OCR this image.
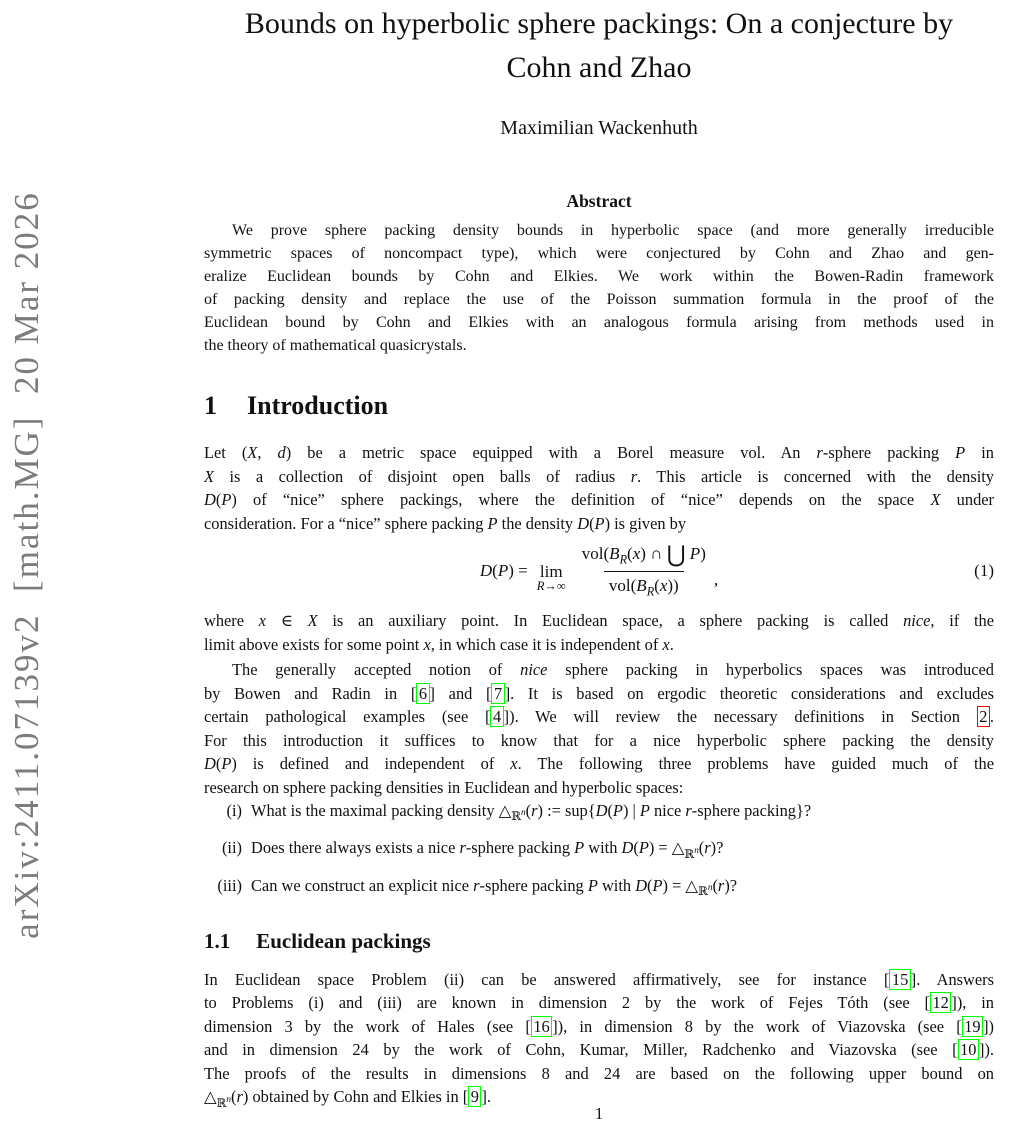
arXiv:2411.07139v2  [math.MG]  20 Mar 2026
Bounds on hyperbolic sphere packings: On a conjecture by
Cohn and Zhao
Maximilian Wackenhuth
Abstract
We prove sphere packing density bounds in hyperbolic space (and more generally irreducible
symmetric spaces of noncompact type), which were conjectured by Cohn and Zhao and gen-
eralize Euclidean bounds by Cohn and Elkies. We work within the Bowen-Radin framework
of packing density and replace the use of the Poisson summation formula in the proof of the
Euclidean bound by Cohn and Elkies with an analogous formula arising from methods used in
the theory of mathematical quasicrystals.
1 Introduction
Let (X, d) be a metric space equipped with a Borel measure vol. An r-sphere packing P in
X is a collection of disjoint open balls of radius r. This article is concerned with the density
D(P) of “nice” sphere packings, where the definition of “nice” depends on the space X under
consideration. For a “nice” sphere packing P the density D(P) is given by
D(P) = lim
$R\to\infty \frac{vol(B_R(x) \cap ⋃ P)}{vol(B_R(x))}$ ,	(1)
where x ∈ X is an auxiliary point. In Euclidean space, a sphere packing is called nice, if the
limit above exists for some point x, in which case it is independent of x.
The generally accepted notion of nice sphere packing in hyperbolics spaces was introduced
by Bowen and Radin in [ 6 ] and [ 7 ]. It is based on ergodic theoretic considerations and excludes
certain pathological examples (see [ 4 ]). We will review the necessary definitions in Section 2 .
For this introduction it suffices to know that for a nice hyperbolic sphere packing the density
D(P) is defined and independent of x. The following three problems have guided much of the
research on sphere packing densities in Euclidean and hyperbolic spaces:
(i) What is the maximal packing density $\triangle_{ℝ^n}(r)$ := sup{D(P) | P nice r-sphere packing}?
(ii) Does there always exists a nice r-sphere packing P with $D(P) = \triangle_{ℝ^n}(r)$?
(iii) Can we construct an explicit nice r-sphere packing P with $D(P) = \triangle_{ℝ^n}(r)$?
1.1 Euclidean packings
In Euclidean space Problem (ii) can be answered affirmatively, see for instance [ 15 ]. Answers
to Problems (i) and (iii) are known in dimension 2 by the work of Fejes Tóth (see [ 12 ]), in
dimension 3 by the work of Hales (see [ 16 ]), in dimension 8 by the work of Viazovska (see [ 19 ])
and in dimension 24 by the work of Cohn, Kumar, Miller, Radchenko and Viazovska (see [ 10 ]).
The proofs of the results in dimensions 8 and 24 are based on the following upper bound on
$\triangle_{ℝ^n}(r)$ obtained by Cohn and Elkies in [ 9 ].
1
